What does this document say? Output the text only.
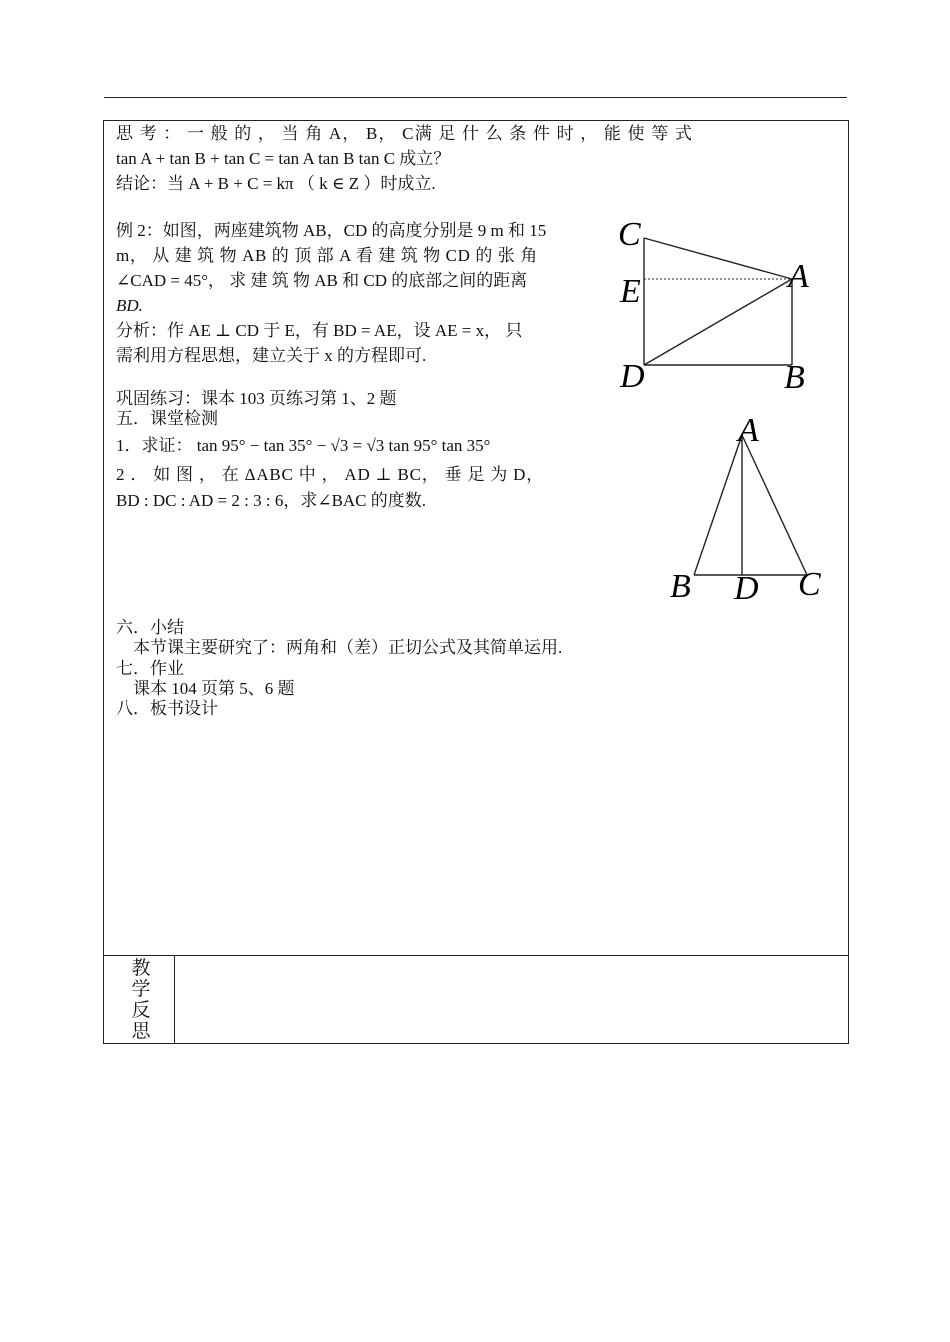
思 考 ： 一 般 的 ， 当 角 A， B， C满 足 什 么 条 件 时 ， 能 使 等 式
tan A + tan B + tan C = tan A tan B tan C 成立？
结论：当 A + B + C = kπ （ k ∈ Z ）时成立.
例 2：如图，两座建筑物 AB，CD 的高度分别是 9 m 和 15
m， 从 建 筑 物 AB 的 顶 部 A 看 建 筑 物 CD 的 张 角
∠CAD = 45°， 求 建 筑 物 AB 和 CD 的底部之间的距离
BD.
分析：作 AE ⊥ CD 于 E，有 BD = AE，设 AE = x， 只
需利用方程思想，建立关于 x 的方程即可.
C
E
D
A
B
巩固练习：课本 103 页练习第 1、2 题
五．课堂检测
1．求证： tan 95° − tan 35° − √3 = √3 tan 95° tan 35°
2 ． 如 图 ， 在 ΔABC 中 ， AD ⊥ BC， 垂 足 为 D，
BD : DC : AD = 2 : 3 : 6，求∠BAC 的度数.
A
B D C
六．小结
本节课主要研究了：两角和（差）正切公式及其简单运用.
七．作业
课本 104 页第 5、6 题
八．板书设计
教
学
反
思
